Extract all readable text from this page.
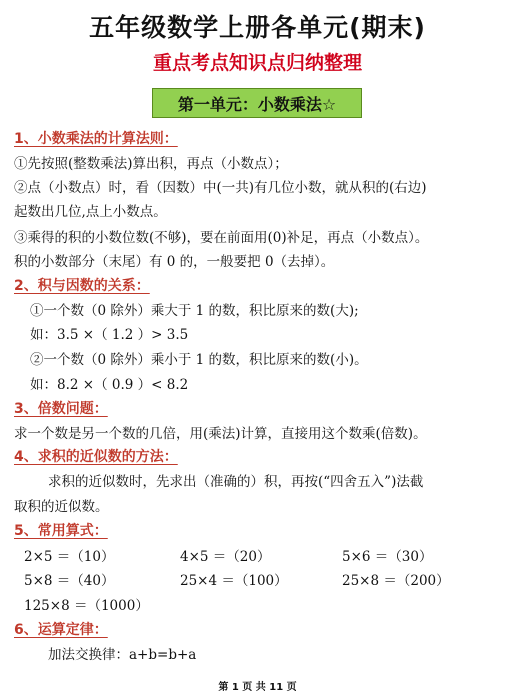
五年级数学上册各单元(期末)
重点考点知识点归纳整理
第一单元：小数乘法☆
1、小数乘法的计算法则：
①先按照(整数乘法)算出积，再点（小数点）；
②点（小数点）时，看（因数）中(一共)有几位小数，就从积的(右边)
起数出几位,点上小数点。
③乘得的积的小数位数(不够)，要在前面用(0)补足，再点（小数点）。
积的小数部分（末尾）有 0 的，一般要把 0（去掉）。
2、积与因数的关系：
①一个数（0 除外）乘大于 1 的数，积比原来的数(大);
如：3.5 ×（ 1.2 ）> 3.5
②一个数（0 除外）乘小于 1 的数，积比原来的数(小)。
如：8.2 ×（ 0.9 ）< 8.2
3、倍数问题：
求一个数是另一个数的几倍，用(乘法)计算，直接用这个数乘(倍数)。
4、求积的近似数的方法：
求积的近似数时，先求出（准确的）积，再按(“四舍五入”)法截
取积的近似数。
5、常用算式：
2×5 ＝（10）	4×5 ＝（20）	5×6 ＝（30）
5×8 ＝（40）	25×4 ＝（100）	25×8 ＝（200）
125×8 ＝（1000）
6、运算定律：
加法交换律：a+b=b+a
第 1 页 共 11 页
